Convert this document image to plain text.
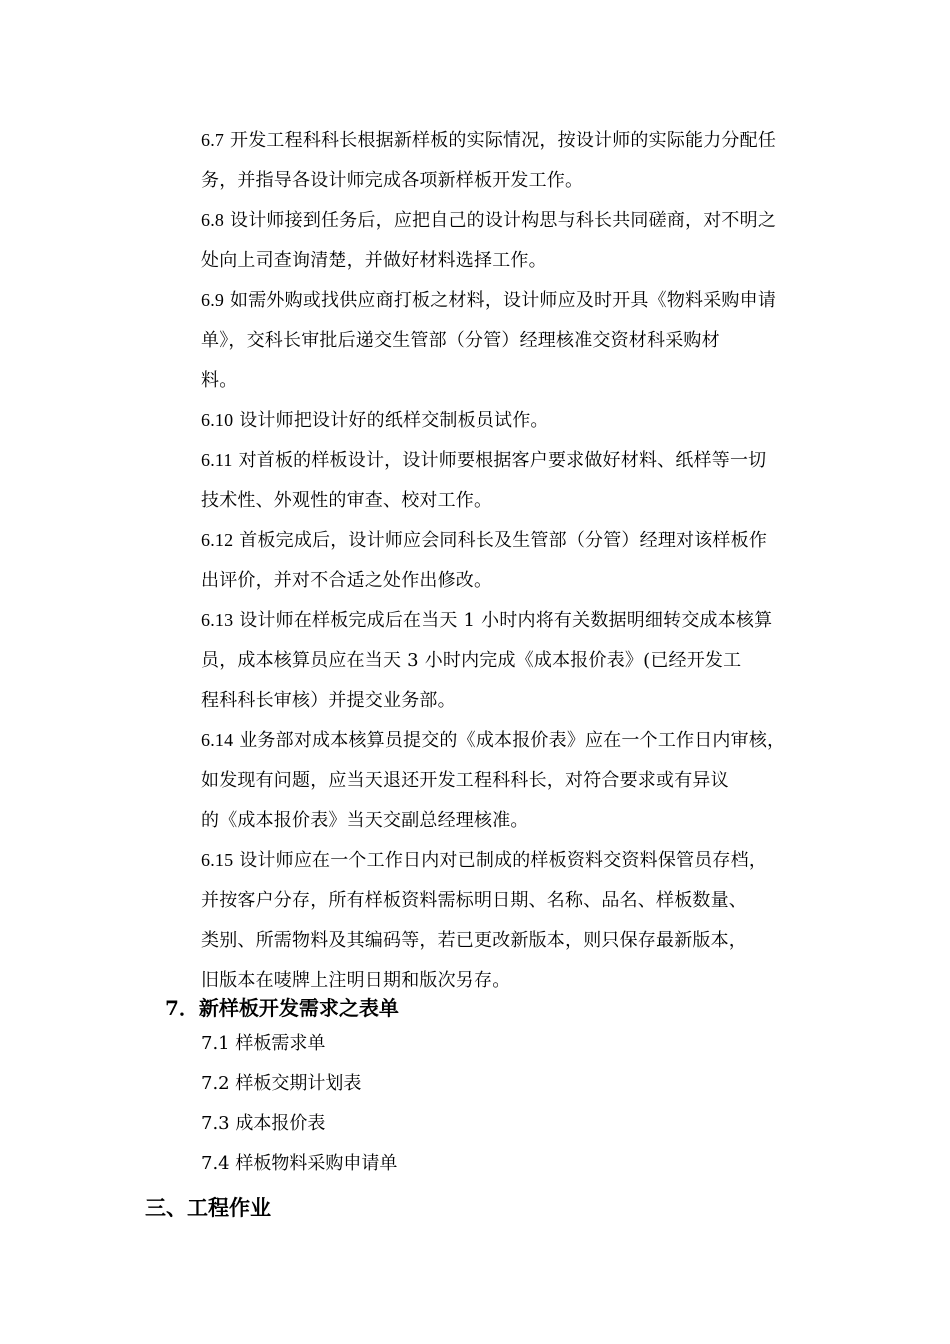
6.7 开发工程科科长根据新样板的实际情况，按设计师的实际能力分配任
务，并指导各设计师完成各项新样板开发工作。
6.8 设计师接到任务后，应把自己的设计构思与科长共同磋商，对不明之
处向上司查询清楚，并做好材料选择工作。
6.9 如需外购或找供应商打板之材料，设计师应及时开具《物料采购申请
单》，交科长审批后递交生管部（分管）经理核准交资材科采购材
料。
6.10 设计师把设计好的纸样交制板员试作。
6.11 对首板的样板设计，设计师要根据客户要求做好材料、纸样等一切
技术性、外观性的审查、校对工作。
6.12 首板完成后，设计师应会同科长及生管部（分管）经理对该样板作
出评价，并对不合适之处作出修改。
6.13 设计师在样板完成后在当天 1 小时内将有关数据明细转交成本核算
员，成本核算员应在当天 3 小时内完成《成本报价表》(已经开发工
程科科长审核）并提交业务部。
6.14 业务部对成本核算员提交的《成本报价表》应在一个工作日内审核，
如发现有问题，应当天退还开发工程科科长，对符合要求或有异议
的《成本报价表》当天交副总经理核准。
6.15 设计师应在一个工作日内对已制成的样板资料交资料保管员存档，
并按客户分存，所有样板资料需标明日期、名称、品名、样板数量、
类别、所需物料及其编码等，若已更改新版本，则只保存最新版本，
旧版本在唛牌上注明日期和版次另存。
7．新样板开发需求之表单

7.1 样板需求单

7.2 样板交期计划表

7.3 成本报价表

7.4 样板物料采购申请单

三、工程作业
